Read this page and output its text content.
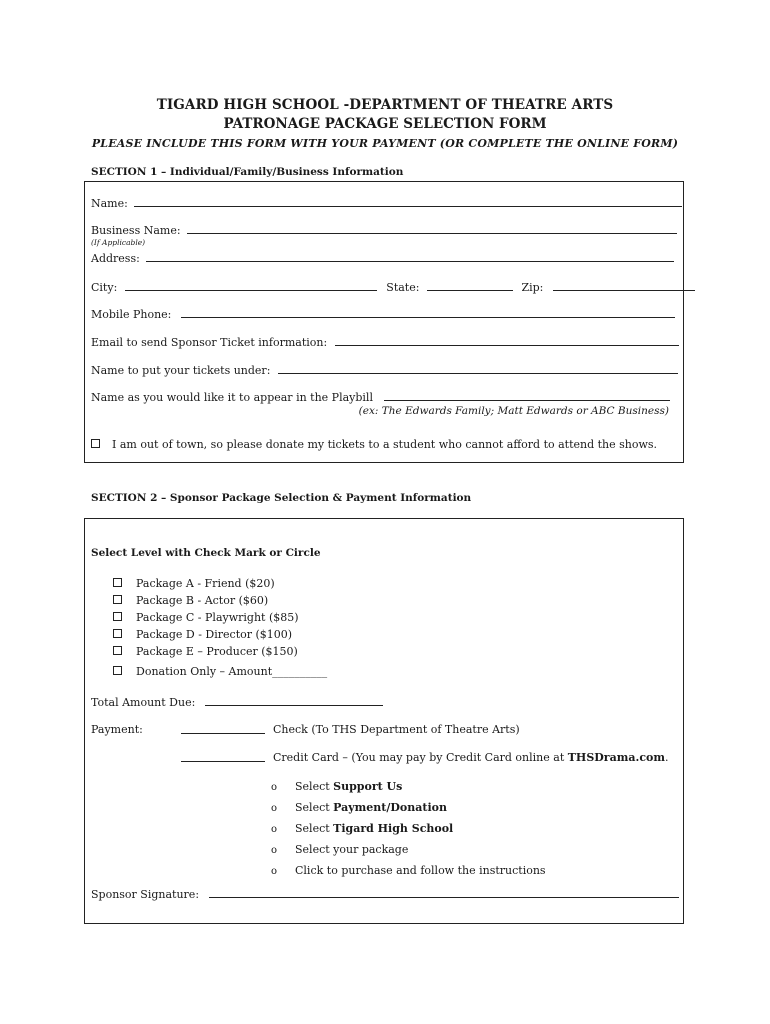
TIGARD HIGH SCHOOL -DEPARTMENT OF THEATRE ARTS
PATRONAGE PACKAGE SELECTION FORM
PLEASE INCLUDE THIS FORM WITH YOUR PAYMENT (OR COMPLETE THE ONLINE FORM)
SECTION 1 – Individual/Family/Business Information
Name:
Business Name:
(If Applicable)
Address:
City:	State:	Zip:
Mobile Phone:
Email to send Sponsor Ticket information:
Name to put your tickets under:
Name as you would like it to appear in the Playbill
(ex: The Edwards Family; Matt Edwards or ABC Business)
I am out of town, so please donate my tickets to a student who cannot afford to attend the shows.
SECTION 2 – Sponsor Package Selection & Payment Information
Select Level with Check Mark or Circle
Package A - Friend ($20)
Package B - Actor ($60)
Package C - Playwright ($85)
Package D - Director ($100)
Package E – Producer ($150)
Donation Only – Amount__________
Total Amount Due:
Payment:	Check (To THS Department of Theatre Arts)
Credit Card – (You may pay by Credit Card online at THSDrama.com.
o Select Support Us
o Select Payment/Donation
o Select Tigard High School
o Select your package
o Click to purchase and follow the instructions
Sponsor Signature:
